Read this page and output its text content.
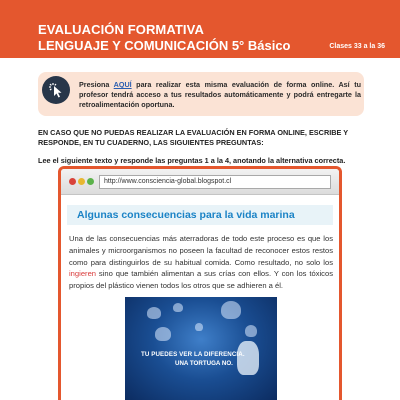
EVALUACIÓN FORMATIVA
LENGUAJE Y COMUNICACIÓN 5° Básico	Clases 33 a la 36
Presiona AQUÍ para realizar esta misma evaluación de forma online. Así tu profesor tendrá acceso a tus resultados automáticamente y podrá entregarte la retroalimentación oportuna.
EN CASO QUE NO PUEDAS REALIZAR LA EVALUACIÓN EN FORMA ONLINE, ESCRIBE Y RESPONDE, EN TU CUADERNO, LAS SIGUIENTES PREGUNTAS:
Lee el siguiente texto y responde las preguntas 1 a la 4, anotando la alternativa correcta.
http://www.consciencia-global.blogspot.cl
Algunas consecuencias para la vida marina
Una de las consecuencias más aterradoras de todo este proceso es que los animales y microorganismos no poseen la facultad de reconocer estos restos como para distinguirlos de su habitual comida. Como resultado, no solo los ingieren sino que también alimentan a sus crías con ellos. Y con los tóxicos propios del plástico vienen todos los otros que se adhieren a él.
TU PUEDES VER LA DIFERENCIA.
UNA TORTUGA NO.
